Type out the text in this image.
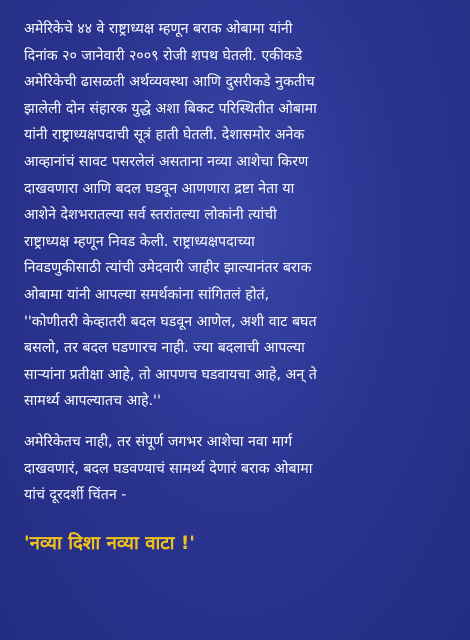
अमेरिकेचे ४४ वे राष्ट्राध्यक्ष म्हणून बराक ओबामा यांनी
दिनांक २० जानेवारी २००९ रोजी शपथ घेतली. एकीकडे
अमेरिकेची ढासळती अर्थव्यवस्था आणि दुसरीकडे नुकतीच
झालेली दोन संहारक युद्धे अशा बिकट परिस्थितीत ओबामा
यांनी राष्ट्राध्यक्षपदाची सूत्रं हाती घेतली. देशासमोर अनेक
आव्हानांचं सावट पसरलेलं असताना नव्या आशेचा किरण
दाखवणारा आणि बदल घडवून आणणारा द्रष्टा नेता या
आशेने देशभरातल्या सर्व स्तरांतल्या लोकांनी त्यांची
राष्ट्राध्यक्ष म्हणून निवड केली. राष्ट्राध्यक्षपदाच्या
निवडणुकीसाठी त्यांची उमेदवारी जाहीर झाल्यानंतर बराक
ओबामा यांनी आपल्या समर्थकांना सांगितलं होतं,
''कोणीतरी केव्हातरी बदल घडवून आणेल, अशी वाट बघत
बसलो, तर बदल घडणारच नाही. ज्या बदलाची आपल्या
साऱ्यांना प्रतीक्षा आहे, तो आपणच घडवायचा आहे, अन् ते
सामर्थ्य आपल्यातच आहे.''

अमेरिकेतच नाही, तर संपूर्ण जगभर आशेचा नवा मार्ग
दाखवणारं, बदल घडवण्याचं सामर्थ्य देणारं बराक ओबामा
यांचं दूरदर्शी चिंतन -

'नव्या दिशा नव्या वाटा !'
